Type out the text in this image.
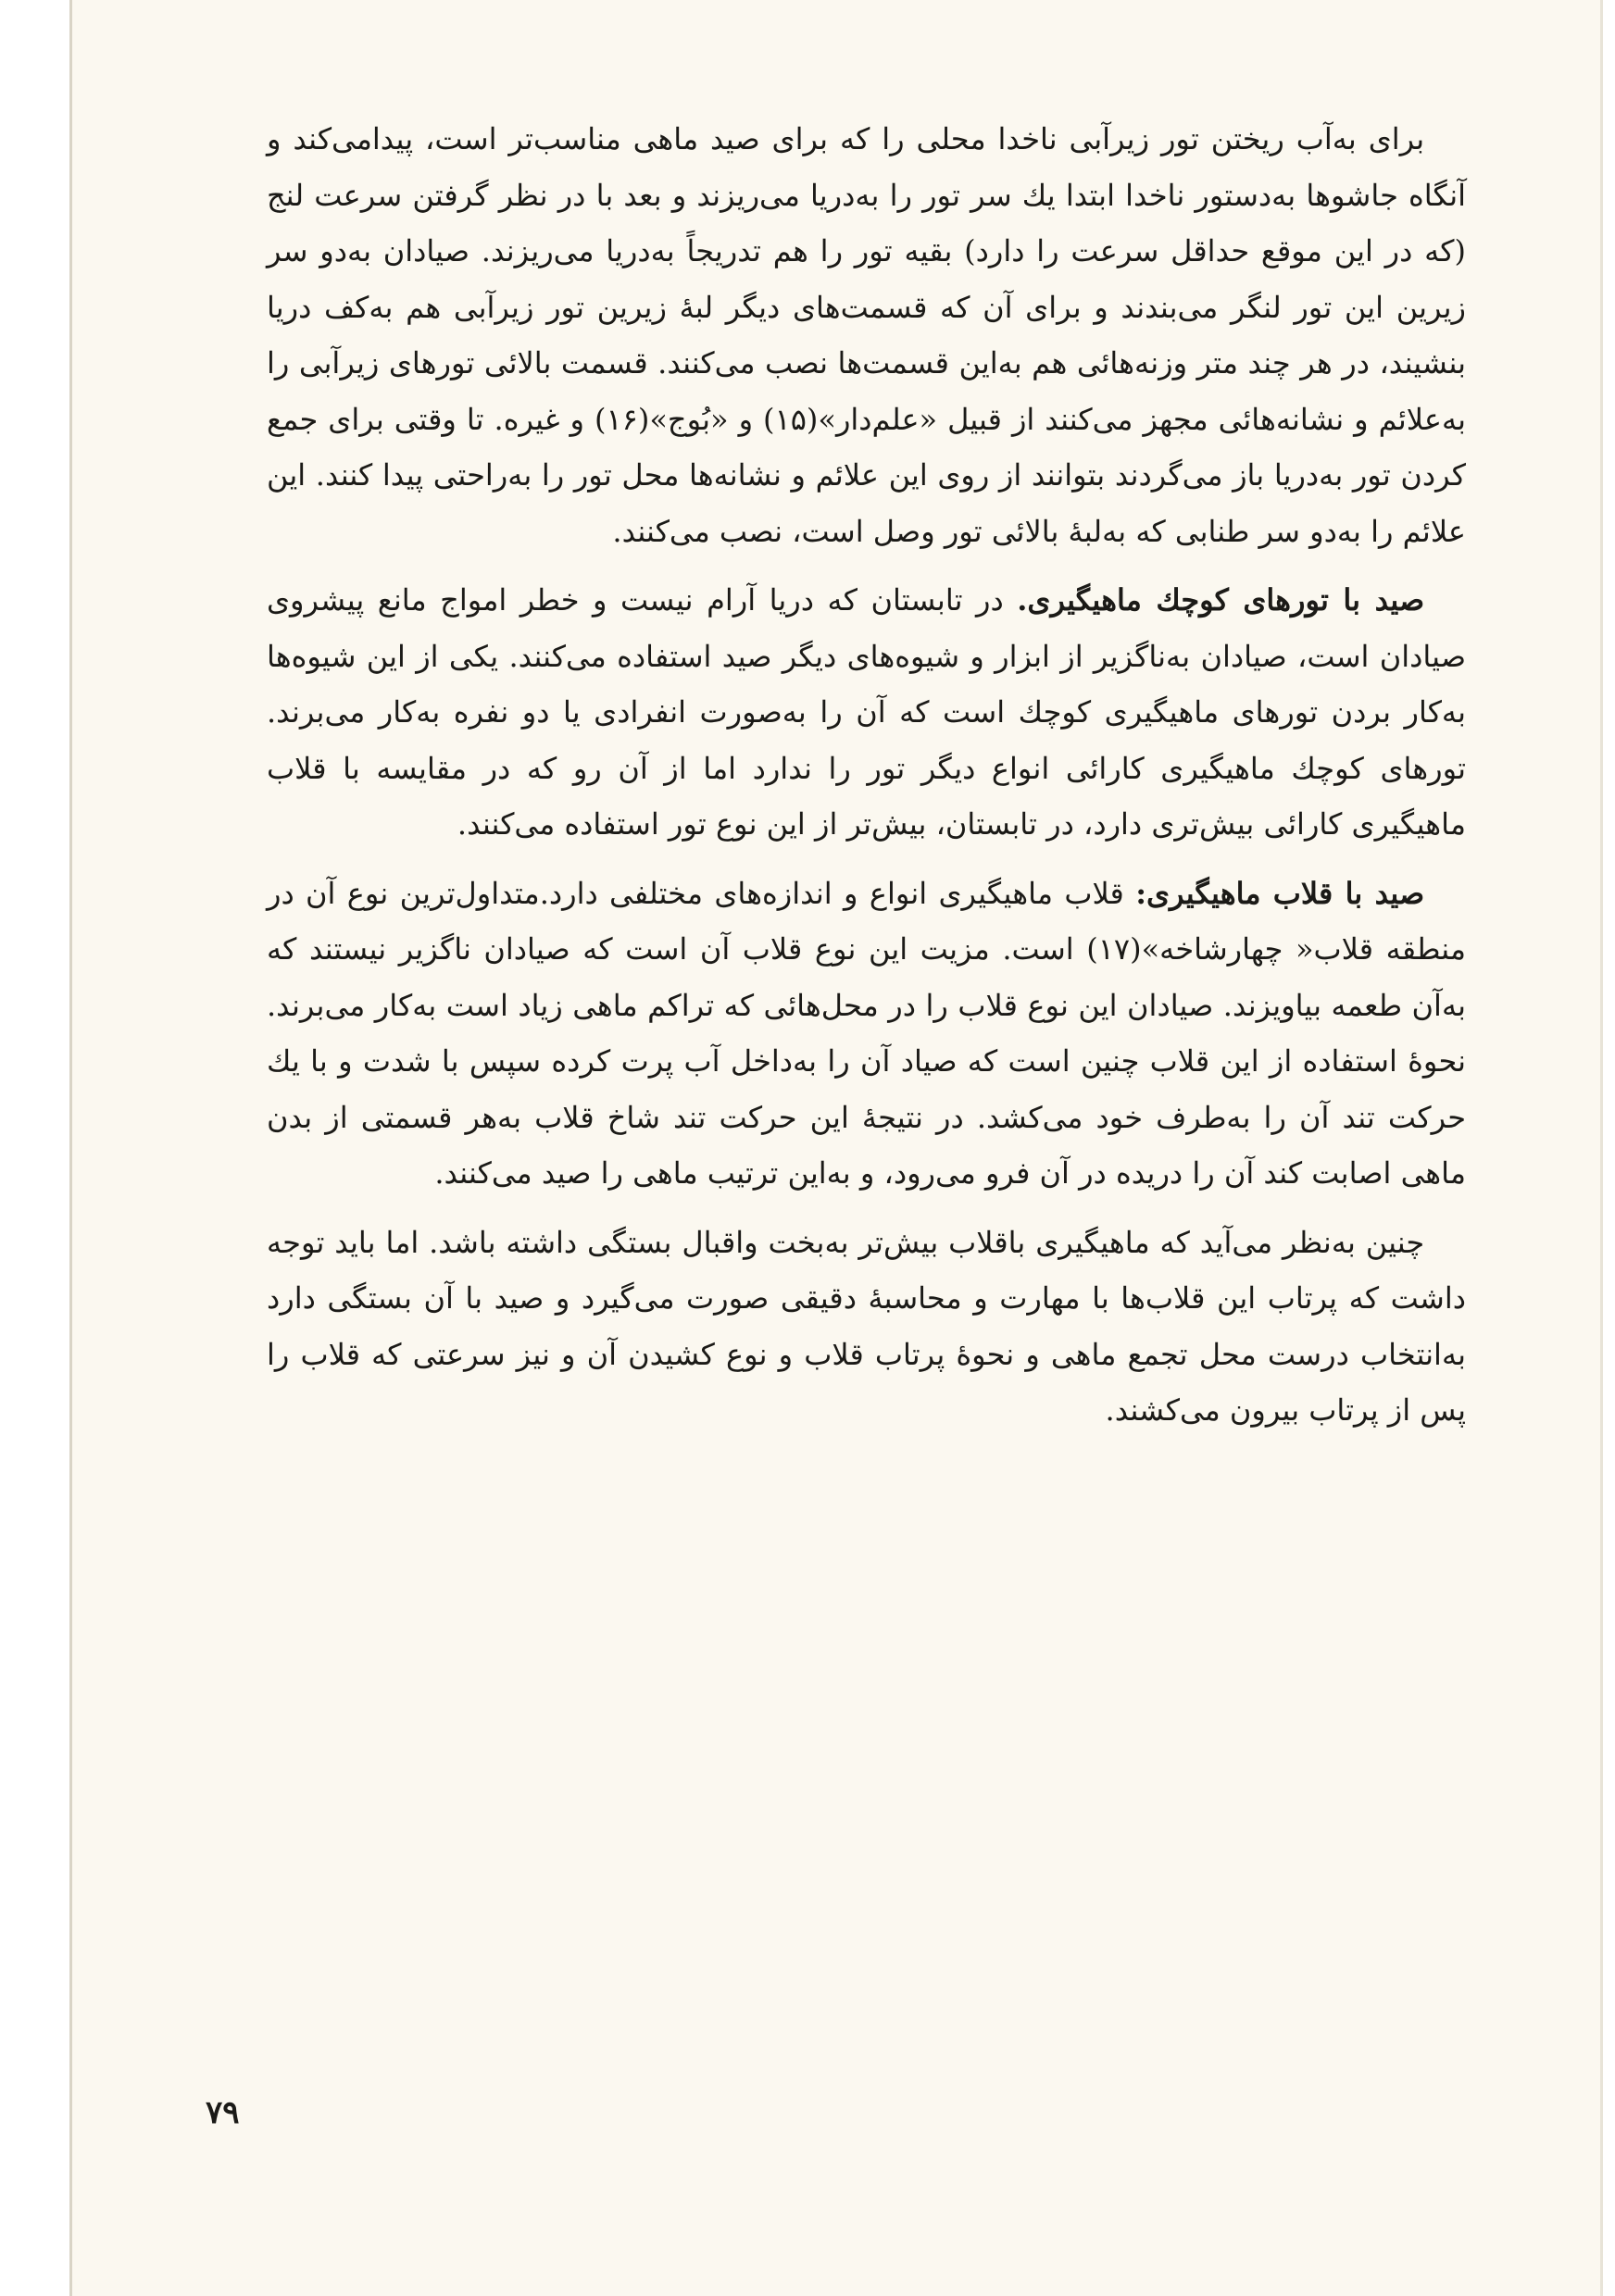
برای به‌آب ریختن تور زیرآبی ناخدا محلی را که برای صید ماهی مناسب‌تر است، پیدامی‌کند و آنگاه جاشوها به‌دستور ناخدا ابتدا یك سر تور را به‌دریا می‌ریزند و بعد با در نظر گرفتن سرعت لنج (که در این موقع حداقل سرعت را دارد) بقیه تور را هم تدریجاً به‌دریا می‌ریزند. صیادان به‌دو سر زیرین این تور لنگر می‌بندند و برای آن که قسمت‌های دیگر لبهٔ زیرین تور زیرآبی هم به‌کف دریا بنشیند، در هر چند متر وزنه‌هائی هم به‌این قسمت‌ها نصب می‌کنند. قسمت بالائی تورهای زیرآبی را به‌علائم و نشانه‌هائی مجهز می‌کنند از قبیل «علم‌دار»(۱۵) و «بُوج»(۱۶) و غیره. تا وقتی برای جمع کردن تور به‌دریا باز می‌گردند بتوانند از روی این علائم و نشانه‌ها محل تور را به‌راحتی پیدا کنند. این علائم را به‌دو سر طنابی که به‌لبهٔ بالائی تور وصل است، نصب می‌کنند.

صید با تورهای کوچك ماهیگیری. در تابستان که دریا آرام نیست و خطر امواج مانع پیشروی صیادان است، صیادان به‌ناگزیر از ابزار و شیوه‌های دیگر صید استفاده می‌کنند. یکی از این شیوه‌ها به‌کار بردن تورهای ماهیگیری کوچك است که آن را به‌صورت انفرادی یا دو نفره به‌کار می‌برند. تورهای کوچك ماهیگیری کارائی انواع دیگر تور را ندارد اما از آن رو که در مقایسه با قلاب ماهیگیری کارائی بیش‌تری دارد، در تابستان، بیش‌تر از این نوع تور استفاده می‌کنند.

صید با قلاب ماهیگیری: قلاب ماهیگیری انواع و اندازه‌های مختلفی دارد.متداول‌ترین نوع آن در منطقه قلاب« چهارشاخه»(۱۷) است. مزیت این نوع قلاب آن است که صیادان ناگزیر نیستند که به‌آن طعمه بیاویزند. صیادان این نوع قلاب را در محل‌هائی که تراکم ماهی زیاد است به‌کار می‌برند. نحوهٔ استفاده از این قلاب چنین است که صیاد آن را به‌داخل آب پرت کرده سپس با شدت و با یك حرکت تند آن را به‌طرف خود می‌کشد. در نتیجهٔ این حرکت تند شاخ قلاب به‌هر قسمتی از بدن ماهی اصابت کند آن را دریده در آن فرو می‌رود، و به‌این ترتیب ماهی را صید می‌کنند.

چنین به‌نظر می‌آید که ماهیگیری باقلاب بیش‌تر به‌بخت واقبال بستگی داشته باشد. اما باید توجه داشت که پرتاب این قلاب‌ها با مهارت و محاسبهٔ دقیقی صورت می‌گیرد و صید با آن بستگی دارد به‌انتخاب درست محل تجمع ماهی و نحوهٔ پرتاب قلاب و نوع کشیدن آن و نیز سرعتی که قلاب را پس از پرتاب بیرون می‌کشند.

۷۹
